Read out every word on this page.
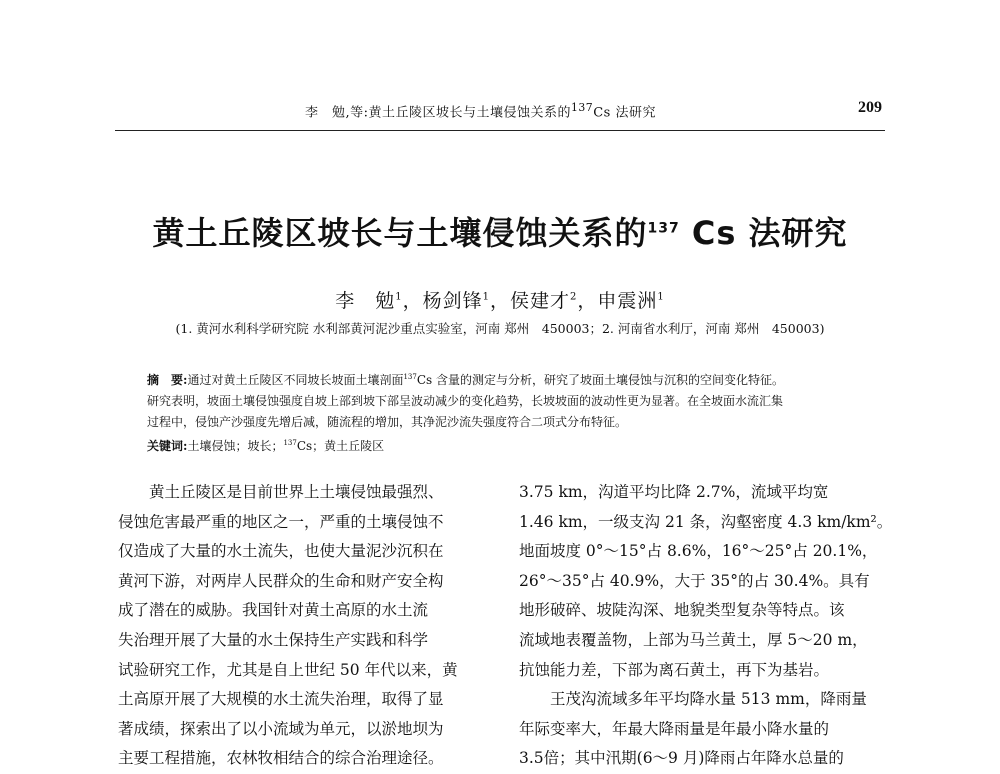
李　勉,等:黄土丘陵区坡长与土壤侵蚀关系的$^{137}$Cs 法研究	209
黄土丘陵区坡长与土壤侵蚀关系的$^{137}$ Cs 法研究
李　勉$^1$，杨剑锋$^1$，侯建才$^2$，申震洲$^1$
(1. 黄河水利科学研究院 水利部黄河泥沙重点实验室，河南 郑州　450003；2. 河南省水利厅，河南 郑州　450003)

摘　要:通过对黄土丘陵区不同坡长坡面土壤剖面$^{137}$Cs 含量的测定与分析，研究了坡面土壤侵蚀与沉积的空间变化特征。

研究表明，坡面土壤侵蚀强度自坡上部到坡下部呈波动减少的变化趋势，长坡坡面的波动性更为显著。在全坡面水流汇集

过程中，侵蚀产沙强度先增后减，随流程的增加，其净泥沙流失强度符合二项式分布特征。

关键词:土壤侵蚀；坡长；$^{137}$Cs；黄土丘陵区

　　黄土丘陵区是目前世界上土壤侵蚀最强烈、

侵蚀危害最严重的地区之一，严重的土壤侵蚀不

仅造成了大量的水土流失，也使大量泥沙沉积在

黄河下游，对两岸人民群众的生命和财产安全构

成了潜在的威胁。我国针对黄土高原的水土流

失治理开展了大量的水土保持生产实践和科学

试验研究工作，尤其是自上世纪 50 年代以来，黄

土高原开展了大规模的水土流失治理，取得了显

著成绩，探索出了以小流域为单元，以淤地坝为

主要工程措施，农林牧相结合的综合治理途径。

3.75 km，沟道平均比降 2.7%，流域平均宽

1.46 km，一级支沟 21 条，沟壑密度 4.3 km/km²。

地面坡度 0°～15°占 8.6%，16°～25°占 20.1%，

26°～35°占 40.9%，大于 35°的占 30.4%。具有

地形破碎、坡陡沟深、地貌类型复杂等特点。该

流域地表覆盖物，上部为马兰黄土，厚 5～20 m，

抗蚀能力差，下部为离石黄土，再下为基岩。

　　王茂沟流域多年平均降水量 513 mm，降雨量

年际变率大，年最大降雨量是年最小降水量的

3.5倍；其中汛期(6～9 月)降雨占年降水总量的
